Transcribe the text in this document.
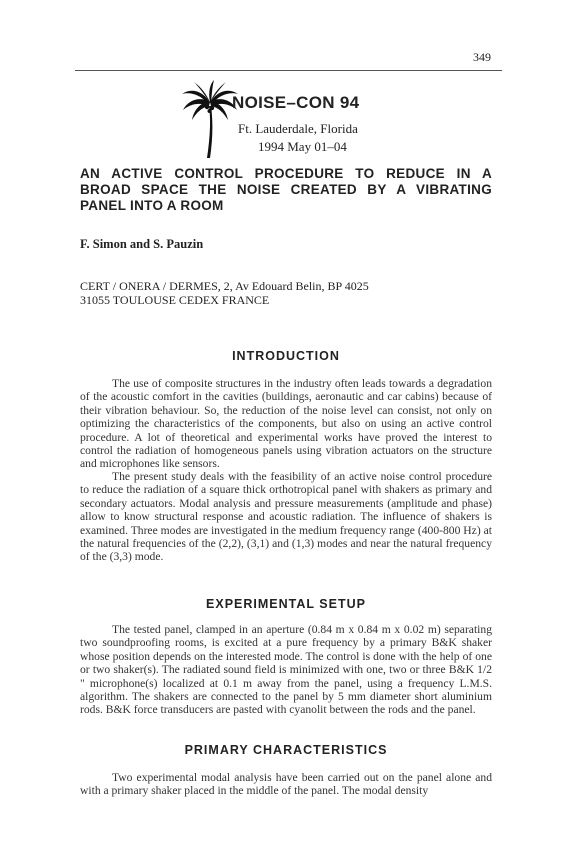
349
NOISE–CON 94
Ft. Lauderdale, Florida
1994 May 01–04
AN ACTIVE CONTROL PROCEDURE TO REDUCE IN A BROAD SPACE THE NOISE CREATED BY A VIBRATING PANEL INTO A ROOM
F. Simon and S. Pauzin
CERT / ONERA / DERMES, 2, Av Edouard Belin, BP 4025
31055 TOULOUSE CEDEX FRANCE
INTRODUCTION

The use of composite structures in the industry often leads towards a degradation of the acoustic comfort in the cavities (buildings, aeronautic and car cabins) because of their vibration behaviour. So, the reduction of the noise level can consist, not only on optimizing the characteristics of the components, but also on using an active control procedure. A lot of theoretical and experimental works have proved the interest to control the radiation of homogeneous panels using vibration actuators on the structure and microphones like sensors.

The present study deals with the feasibility of an active noise control procedure to reduce the radiation of a square thick orthotropical panel with shakers as primary and secondary actuators. Modal analysis and pressure measurements (amplitude and phase) allow to know structural response and acoustic radiation. The influence of shakers is examined. Three modes are investigated in the medium frequency range (400-800 Hz) at the natural frequencies of the (2,2), (3,1) and (1,3) modes and near the natural frequency of the (3,3) mode.

EXPERIMENTAL SETUP

The tested panel, clamped in an aperture (0.84 m x 0.84 m x 0.02 m) separating two soundproofing rooms, is excited at a pure frequency by a primary B&K shaker whose position depends on the interested mode. The control is done with the help of one or two shaker(s). The radiated sound field is minimized with one, two or three B&K 1/2 " microphone(s) localized at 0.1 m away from the panel, using a frequency L.M.S. algorithm. The shakers are connected to the panel by 5 mm diameter short aluminium rods. B&K force transducers are pasted with cyanolit between the rods and the panel.

PRIMARY CHARACTERISTICS

Two experimental modal analysis have been carried out on the panel alone and with a primary shaker placed in the middle of the panel. The modal density
